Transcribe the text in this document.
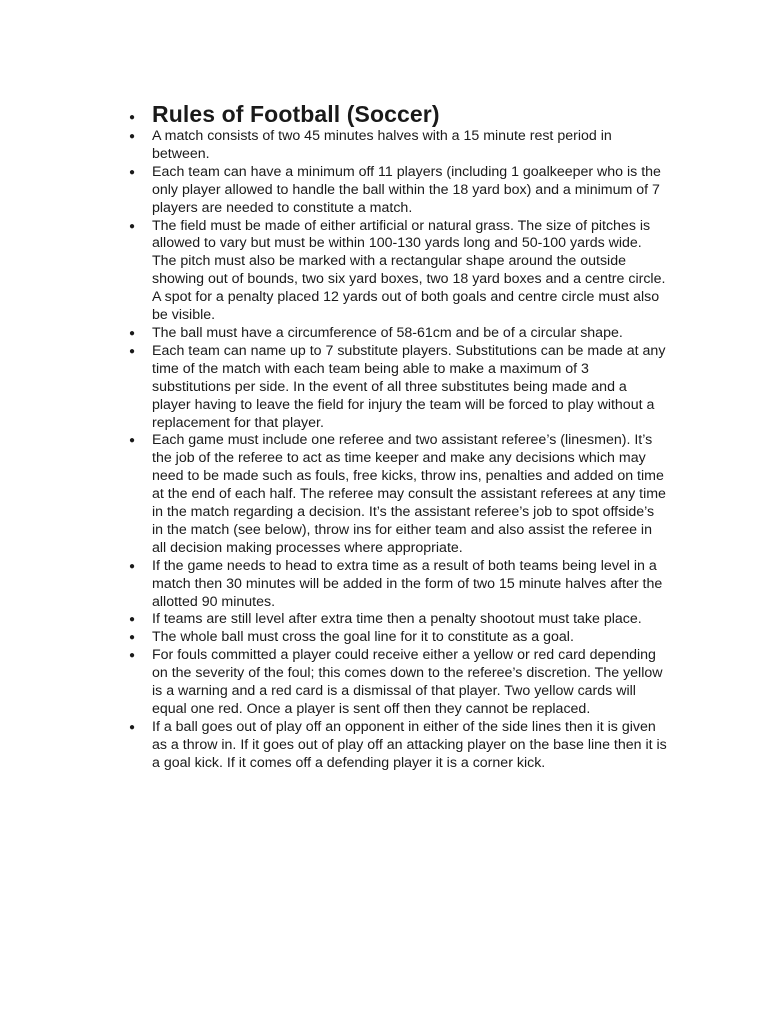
● Rules of Football (Soccer)
● A match consists of two 45 minutes halves with a 15 minute rest period in between.
● Each team can have a minimum off 11 players (including 1 goalkeeper who is the only player allowed to handle the ball within the 18 yard box) and a minimum of 7 players are needed to constitute a match.
● The field must be made of either artificial or natural grass. The size of pitches is allowed to vary but must be within 100-130 yards long and 50-100 yards wide. The pitch must also be marked with a rectangular shape around the outside showing out of bounds, two six yard boxes, two 18 yard boxes and a centre circle. A spot for a penalty placed 12 yards out of both goals and centre circle must also be visible.
● The ball must have a circumference of 58-61cm and be of a circular shape.
● Each team can name up to 7 substitute players. Substitutions can be made at any time of the match with each team being able to make a maximum of 3 substitutions per side. In the event of all three substitutes being made and a player having to leave the field for injury the team will be forced to play without a replacement for that player.
● Each game must include one referee and two assistant referee’s (linesmen). It’s the job of the referee to act as time keeper and make any decisions which may need to be made such as fouls, free kicks, throw ins, penalties and added on time at the end of each half. The referee may consult the assistant referees at any time in the match regarding a decision. It’s the assistant referee’s job to spot offside’s in the match (see below), throw ins for either team and also assist the referee in all decision making processes where appropriate.
● If the game needs to head to extra time as a result of both teams being level in a match then 30 minutes will be added in the form of two 15 minute halves after the allotted 90 minutes.
● If teams are still level after extra time then a penalty shootout must take place.
● The whole ball must cross the goal line for it to constitute as a goal.
● For fouls committed a player could receive either a yellow or red card depending on the severity of the foul; this comes down to the referee’s discretion. The yellow is a warning and a red card is a dismissal of that player. Two yellow cards will equal one red. Once a player is sent off then they cannot be replaced.
● If a ball goes out of play off an opponent in either of the side lines then it is given as a throw in. If it goes out of play off an attacking player on the base line then it is a goal kick. If it comes off a defending player it is a corner kick.
